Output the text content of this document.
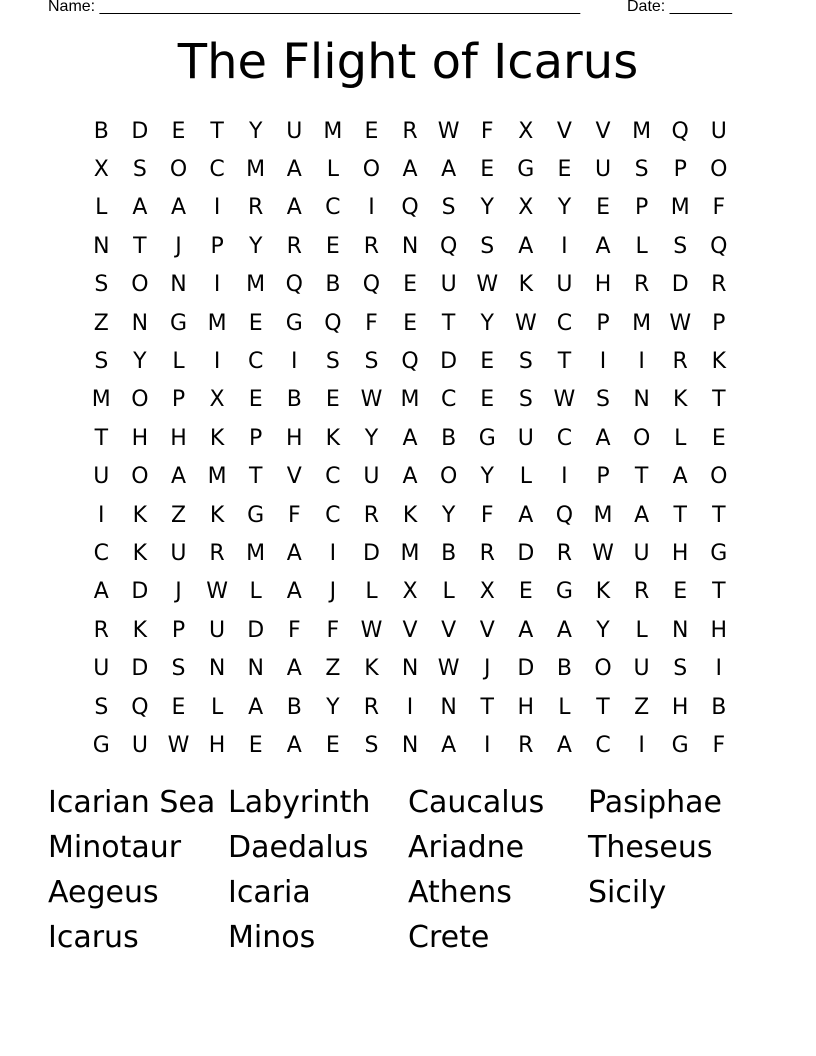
Name: ______________________________________________________	Date: _______
The Flight of Icarus
B	D	E	T	Y	U M	E	R W F	X	V	V M Q U
X	S	O	C M A	L	O	A	A	E	G	E	U	S	P	O
L	A	A	I	R	A	C	I	Q	S	Y	X	Y	E	P	M	F
N	T	J	P	Y	R	E	R	N Q	S	A	I	A	L	S	Q
S	O N	I	M Q	B	Q	E	U W K	U	H	R	D	R
Z	N G M	E	G Q	F	E	T	Y W C	P	M W P
S	Y	L	I	C	I	S	S	Q D	E	S	T	I	I	R	K
M O	P	X	E	B	E W M C	E	S W S	N	K	T
T	H	H	K	P	H	K	Y	A	B	G	U	C	A	O	L	E
U O	A M	T	V	C	U	A	O	Y	L	I	P	T	A	O
I	K	Z	K	G	F	C	R	K	Y	F	A	Q M A	T	T
C	K	U	R M A	I	D M B	R	D	R W U	H G
A	D	J	W L	A	J	L	X	L	X	E	G	K	R	E	T
R	K	P	U	D	F	F W V	V	V	A	A	Y	L	N	H
U	D	S	N	N	A	Z	K	N W	J	D	B	O U	S	I
S	Q	E	L	A	B	Y	R	I	N	T	H	L	T	Z	H	B
G	U W H	E	A	E	S	N	A	I	R	A	C	I	G	F
Icarian Sea
Minotaur
Aegeus
Icarus
Labyrinth
Daedalus
Icaria
Minos
Caucalus
Ariadne
Athens
Crete
Pasiphae
Theseus
Sicily
